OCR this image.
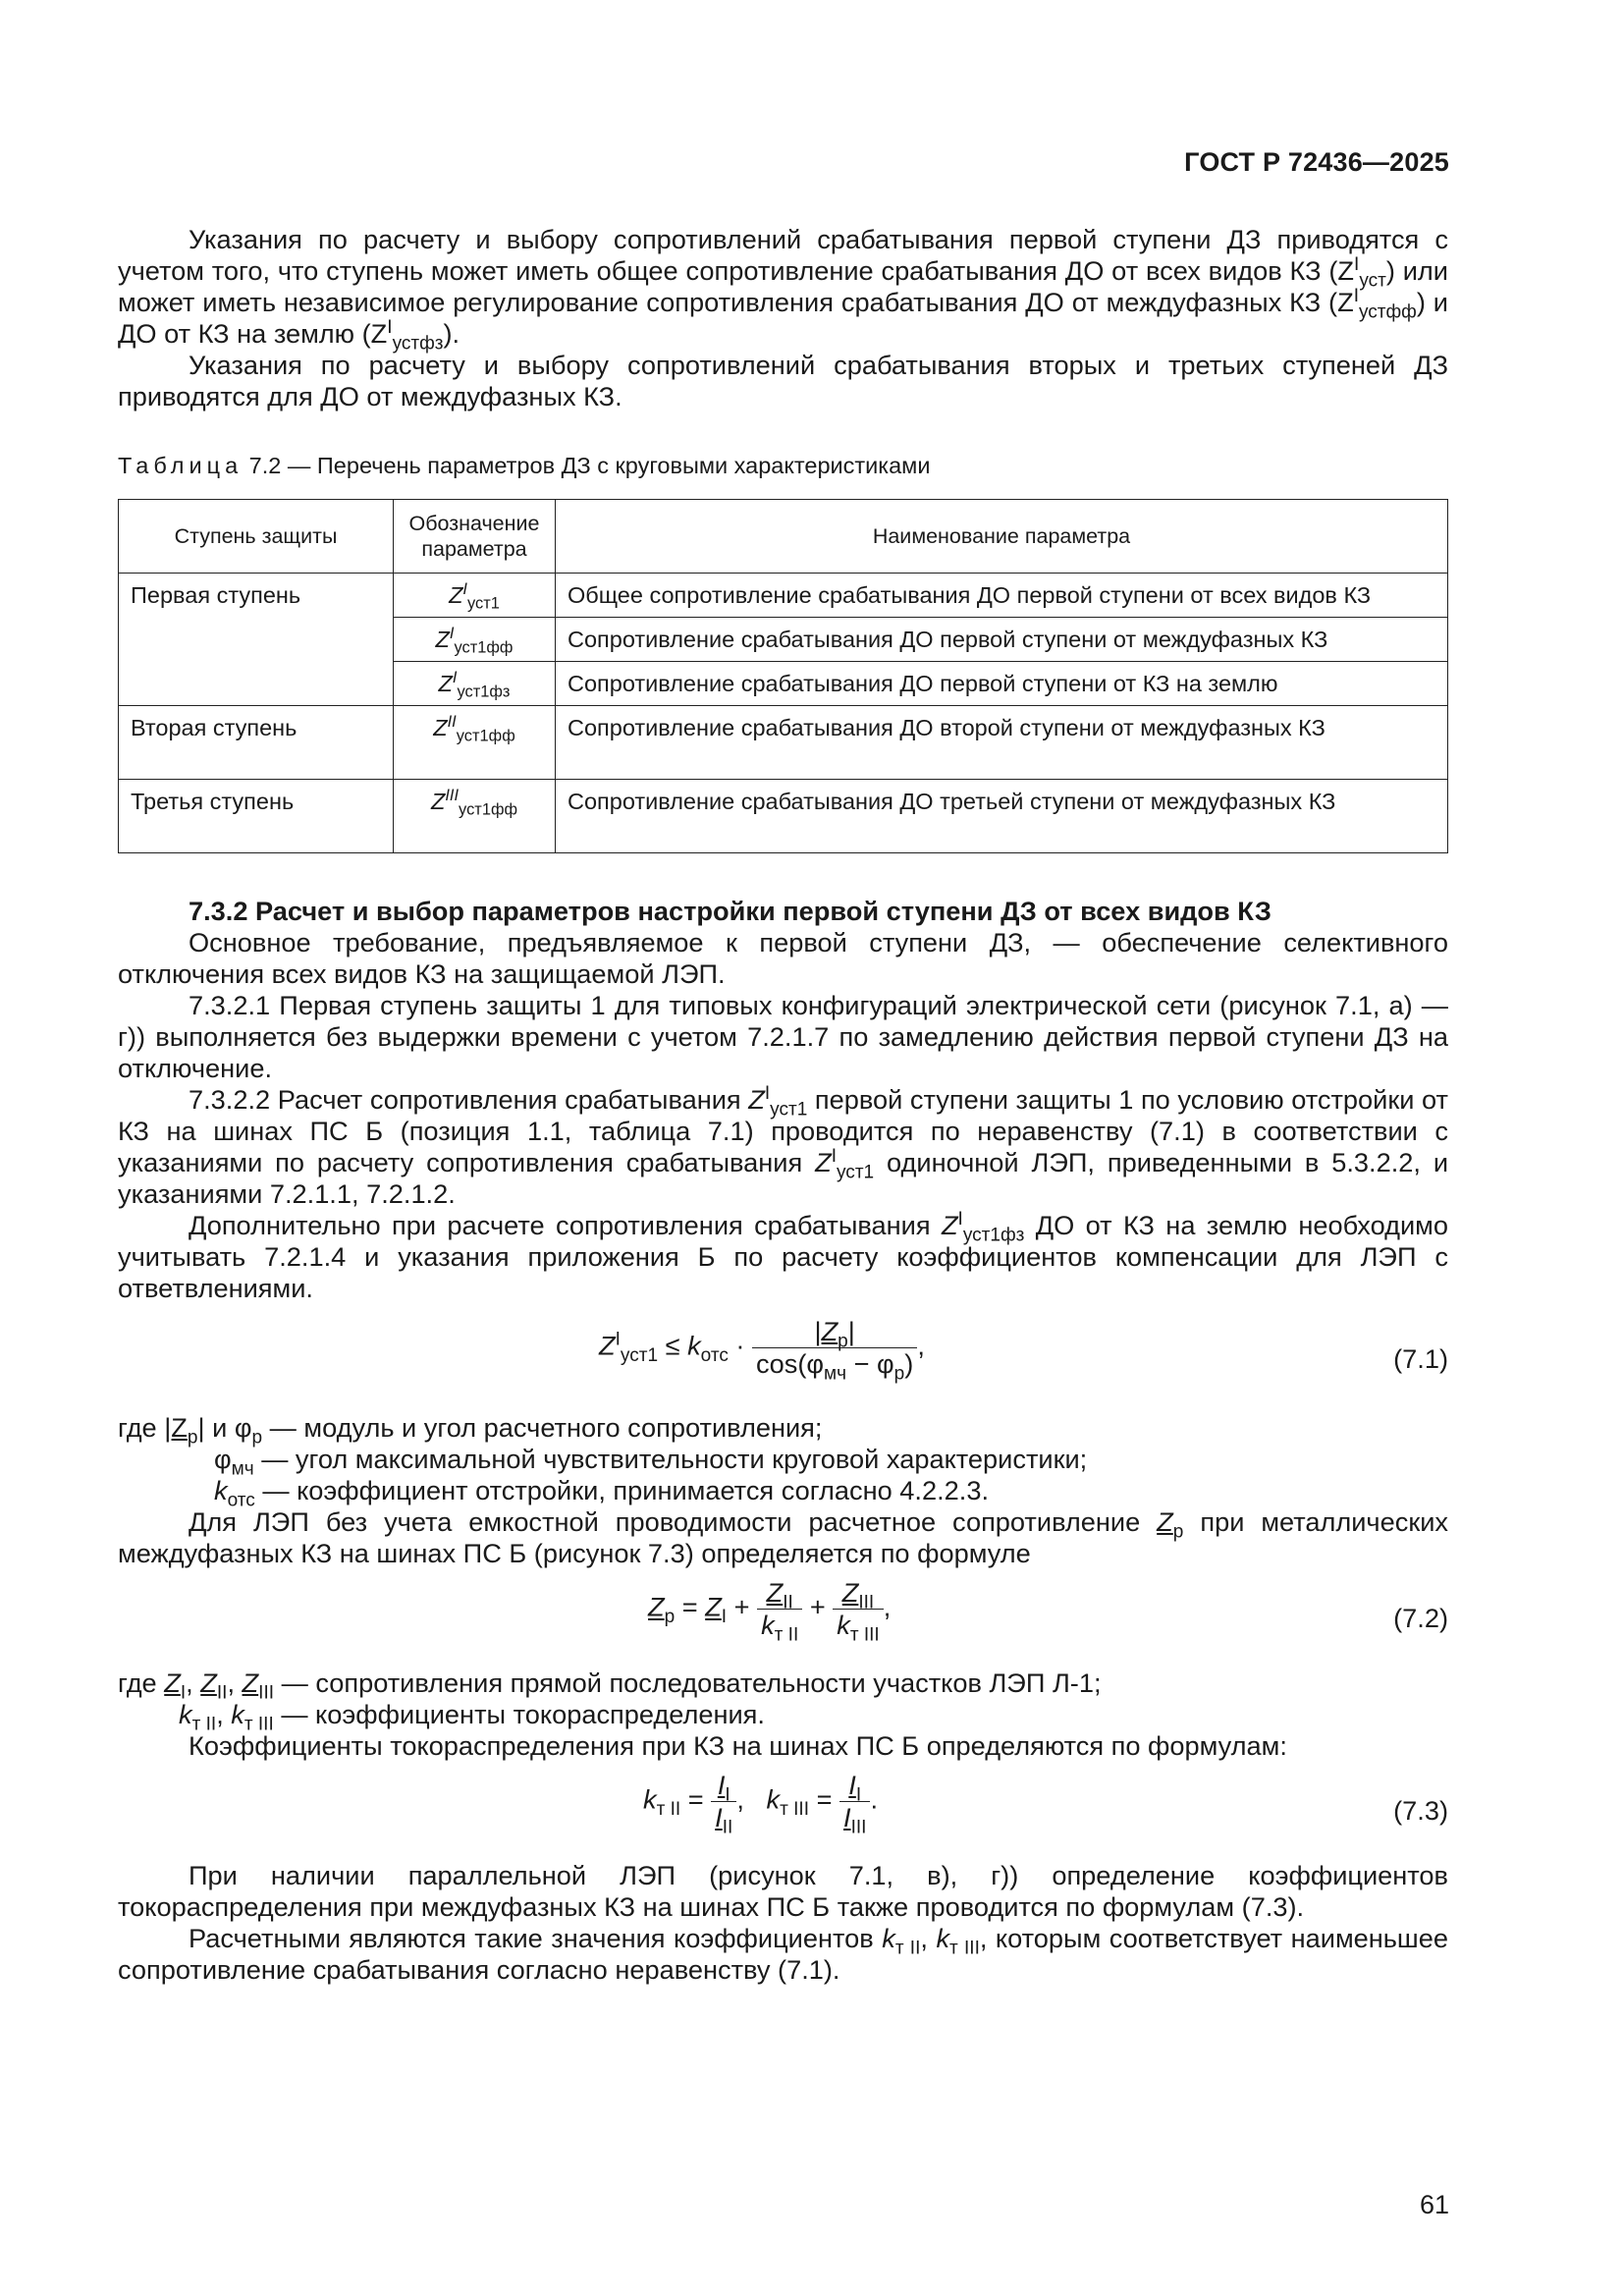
ГОСТ Р 72436—2025

Указания по расчету и выбору сопротивлений срабатывания первой ступени ДЗ приводятся с учетом того, что ступень может иметь общее сопротивление срабатывания ДО от всех видов КЗ $(Z^I_{уст})$ или может иметь независимое регулирование сопротивления срабатывания ДО от междуфазных КЗ $(Z^I_{устфф})$ и ДО от КЗ на землю $(Z^I_{устфз})$.

Указания по расчету и выбору сопротивлений срабатывания вторых и третьих ступеней ДЗ приводятся для ДО от междуфазных КЗ.

Таблица 7.2 — Перечень параметров ДЗ с круговыми характеристиками

Ступень защиты	Обозначение параметра	Наименование параметра
Первая ступень	$Z^I_{уст1}$	Общее сопротивление срабатывания ДО первой ступени от всех видов КЗ
	$Z^I_{уст1фф}$	Сопротивление срабатывания ДО первой ступени от междуфазных КЗ
	$Z^I_{уст1фз}$	Сопротивление срабатывания ДО первой ступени от КЗ на землю
Вторая ступень	$Z^{II}_{уст1фф}$	Сопротивление срабатывания ДО второй ступени от междуфазных КЗ
Третья ступень	$Z^{III}_{уст1фф}$	Сопротивление срабатывания ДО третьей ступени от междуфазных КЗ

7.3.2 Расчет и выбор параметров настройки первой ступени ДЗ от всех видов КЗ

Основное требование, предъявляемое к первой ступени ДЗ, — обеспечение селективного отключения всех видов КЗ на защищаемой ЛЭП.

7.3.2.1 Первая ступень защиты 1 для типовых конфигураций электрической сети (рисунок 7.1, а) — г)) выполняется без выдержки времени с учетом 7.2.1.7 по замедлению действия первой ступени ДЗ на отключение.

7.3.2.2 Расчет сопротивления срабатывания $Z^I_{уст1}$ первой ступени защиты 1 по условию отстройки от КЗ на шинах ПС Б (позиция 1.1, таблица 7.1) проводится по неравенству (7.1) в соответствии с указаниями по расчету сопротивления срабатывания $Z^I_{уст1}$ одиночной ЛЭП, приведенными в 5.3.2.2, и указаниями 7.2.1.1, 7.2.1.2.

Дополнительно при расчете сопротивления срабатывания $Z^I_{уст1фз}$ ДО от КЗ на землю необходимо учитывать 7.2.1.4 и указания приложения Б по расчету коэффициентов компенсации для ЛЭП с ответвлениями.

$Z^I_{уст1} \le k_{отс} \cdot \frac{|Z_р|}{\cos(\varphi_{мч} - \varphi_р)}$ ,	(7.1)
где $|Z_р|$ и $\varphi_р$ — модуль и угол расчетного сопротивления;
$\varphi_{мч}$ — угол максимальной чувствительности круговой характеристики;
$k_{отс}$ — коэффициент отстройки, принимается согласно 4.2.2.3.

Для ЛЭП без учета емкостной проводимости расчетное сопротивление $Z_р$ при металлических междуфазных КЗ на шинах ПС Б (рисунок 7.3) определяется по формуле

$Z_р = Z_I + \frac{Z_{II}}{k_{т II}} + \frac{Z_{III}}{k_{т III}}$ ,	(7.2)
где $Z_I$, $Z_{II}$, $Z_{III}$ — сопротивления прямой последовательности участков ЛЭП Л-1;
$k_{т II}$, $k_{т III}$ — коэффициенты токораспределения.

Коэффициенты токораспределения при КЗ на шинах ПС Б определяются по формулам:

$k_{т II} = \frac{I_I}{I_{II}}$ , $k_{т III} = \frac{I_I}{I_{III}}$ .	(7.3)

При наличии параллельной ЛЭП (рисунок 7.1, в), г)) определение коэффициентов токораспределения при междуфазных КЗ на шинах ПС Б также проводится по формулам (7.3).

Расчетными являются такие значения коэффициентов $k_{т II}$, $k_{т III}$, которым соответствует наименьшее сопротивление срабатывания согласно неравенству (7.1).

61
